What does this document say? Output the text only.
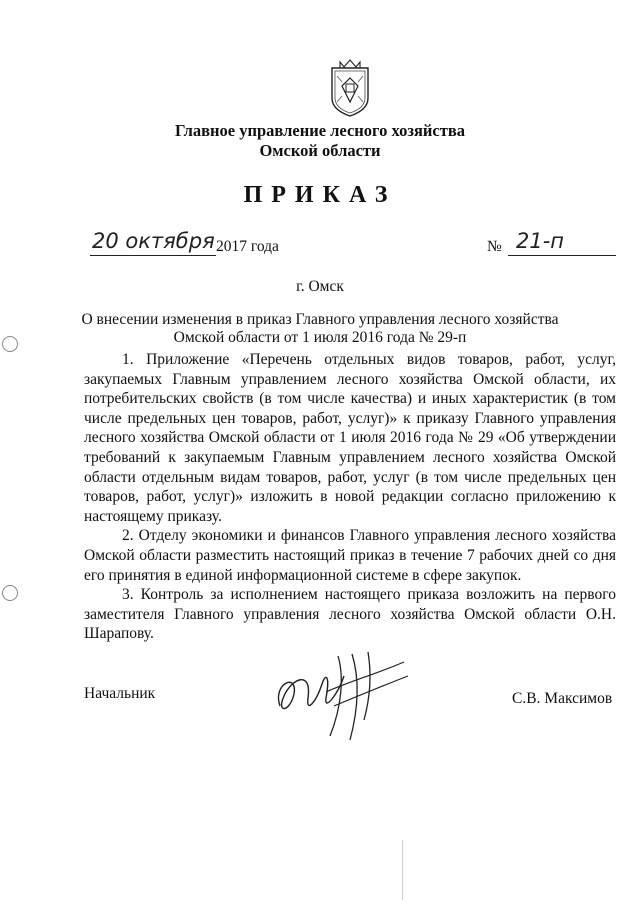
Главное управление лесного хозяйства
Омской области
ПРИКАЗ
20 октября 2017 года	№ 21-п
г. Омск
О внесении изменения в приказ Главного управления лесного хозяйства
Омской области от 1 июля 2016 года № 29-п

1. Приложение «Перечень отдельных видов товаров, работ, услуг, закупаемых Главным управлением лесного хозяйства Омской области, их потребительских свойств (в том числе качества) и иных характеристик (в том числе предельных цен товаров, работ, услуг)» к приказу Главного управления лесного хозяйства Омской области от 1 июля 2016 года № 29 «Об утверждении требований к закупаемым Главным управлением лесного хозяйства Омской области отдельным видам товаров, работ, услуг (в том числе предельных цен товаров, работ, услуг)» изложить в новой редакции согласно приложению к настоящему приказу.

2. Отделу экономики и финансов Главного управления лесного хозяйства Омской области разместить настоящий приказ в течение 7 рабочих дней со дня его принятия в единой информационной системе в сфере закупок.

3. Контроль за исполнением настоящего приказа возложить на первого заместителя Главного управления лесного хозяйства Омской области О.Н. Шарапову.

Начальник	С.В. Максимов
